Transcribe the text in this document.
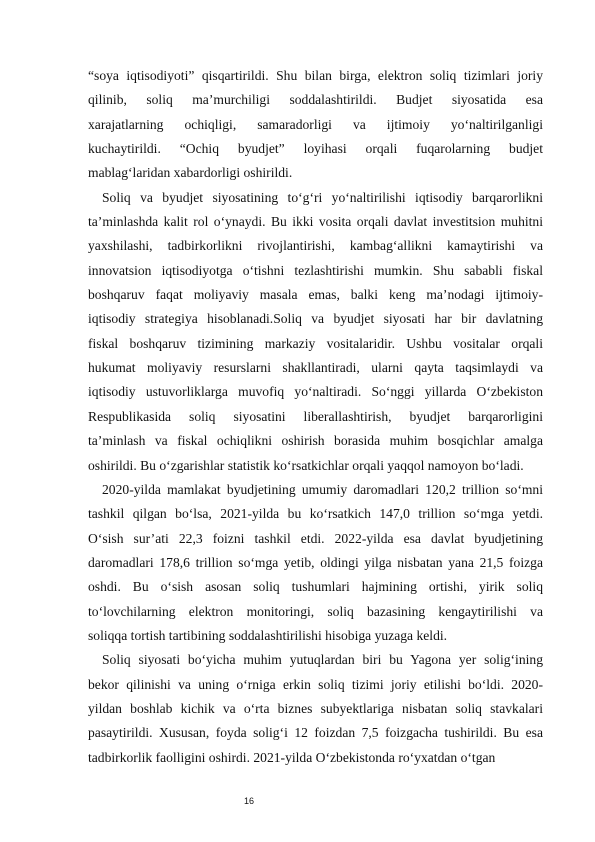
“soya iqtisodiyoti” qisqartirildi. Shu bilan birga, elektron soliq tizimlari joriy
qilinib, soliq ma’murchiligi soddalashtirildi. Budjet siyosatida esa
xarajatlarning ochiqligi, samaradorligi va ijtimoiy yo‘naltirilganligi
kuchaytirildi. “Ochiq byudjet” loyihasi orqali fuqarolarning budjet
mablag‘laridan xabardorligi oshirildi.
Soliq va byudjet siyosatining to‘g‘ri yo‘naltirilishi iqtisodiy barqarorlikni
ta’minlashda kalit rol o‘ynaydi. Bu ikki vosita orqali davlat investitsion muhitni
yaxshilashi, tadbirkorlikni rivojlantirishi, kambag‘allikni kamaytirishi va
innovatsion iqtisodiyotga o‘tishni tezlashtirishi mumkin. Shu sababli fiskal
boshqaruv faqat moliyaviy masala emas, balki keng ma’nodagi ijtimoiy-
iqtisodiy strategiya hisoblanadi.Soliq va byudjet siyosati har bir davlatning
fiskal boshqaruv tizimining markaziy vositalaridir. Ushbu vositalar orqali
hukumat moliyaviy resurslarni shakllantiradi, ularni qayta taqsimlaydi va
iqtisodiy ustuvorliklarga muvofiq yo‘naltiradi. So‘nggi yillarda O‘zbekiston
Respublikasida soliq siyosatini liberallashtirish, byudjet barqarorligini
ta’minlash va fiskal ochiqlikni oshirish borasida muhim bosqichlar amalga
oshirildi. Bu o‘zgarishlar statistik ko‘rsatkichlar orqali yaqqol namoyon bo‘ladi.
2020-yilda mamlakat byudjetining umumiy daromadlari 120,2 trillion so‘mni
tashkil qilgan bo‘lsa, 2021-yilda bu ko‘rsatkich 147,0 trillion so‘mga yetdi.
O‘sish sur’ati 22,3 foizni tashkil etdi. 2022-yilda esa davlat byudjetining
daromadlari 178,6 trillion so‘mga yetib, oldingi yilga nisbatan yana 21,5 foizga
oshdi. Bu o‘sish asosan soliq tushumlari hajmining ortishi, yirik soliq
to‘lovchilarning elektron monitoringi, soliq bazasining kengaytirilishi va
soliqqa tortish tartibining soddalashtirilishi hisobiga yuzaga keldi.
Soliq siyosati bo‘yicha muhim yutuqlardan biri bu Yagona yer solig‘ining
bekor qilinishi va uning o‘rniga erkin soliq tizimi joriy etilishi bo‘ldi. 2020-
yildan boshlab kichik va o‘rta biznes subyektlariga nisbatan soliq stavkalari
pasaytirildi. Xususan, foyda solig‘i 12 foizdan 7,5 foizgacha tushirildi. Bu esa
tadbirkorlik faolligini oshirdi. 2021-yilda O‘zbekistonda ro‘yxatdan o‘tgan
16
